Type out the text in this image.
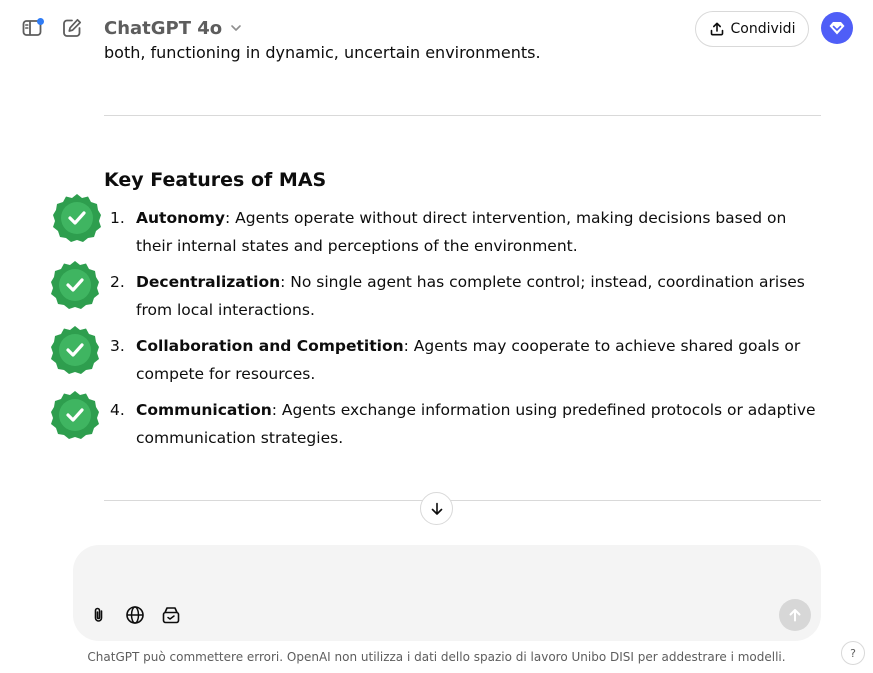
both, functioning in dynamic, uncertain environments.
Key Features of MAS
1. Autonomy: Agents operate without direct intervention, making decisions based on their internal states and perceptions of the environment.
2. Decentralization: No single agent has complete control; instead, coordination arises from local interactions.
3. Collaboration and Competition: Agents may cooperate to achieve shared goals or compete for resources.
4. Communication: Agents exchange information using predefined protocols or adaptive communication strategies.
ChatGPT 4o	Condividi
ChatGPT può commettere errori. OpenAI non utilizza i dati dello spazio di lavoro Unibo DISI per addestrare i modelli.	?
